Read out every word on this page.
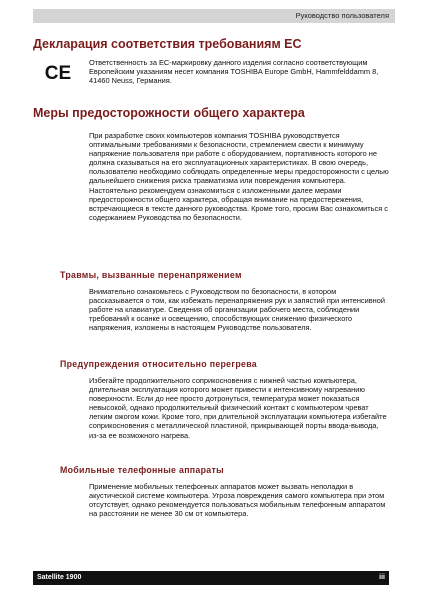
Руководство пользователя
Декларация соответствия требованиям ЕС
CE
Ответственность за ЕС-маркировку данного изделия согласно соответствующим Европейским указаниям несет компания TOSHIBA Europe GmbH, Hammfelddamm 8, 41460 Neuss, Германия.
Меры предосторожности общего характера
При разработке своих компьютеров компания TOSHIBA руководствуется оптимальными требованиями к безопасности, стремлением свести к минимуму напряжение пользователя при работе с оборудованием, портативность которого не должна сказываться на его эксплуатационных характеристиках. В свою очередь, пользователю необходимо соблюдать определенные меры предосторожности с целью дальнейшего снижения риска травматизма или повреждения компьютера. Настоятельно рекомендуем ознакомиться с изложенными далее мерами предосторожности общего характера, обращая внимание на предостережения, встречающиеся в тексте данного руководства. Кроме того, просим Вас ознакомиться с содержанием Руководства по безопасности.
Травмы, вызванные перенапряжением
Внимательно ознакомьтесь с Руководством по безопасности, в котором рассказывается о том, как избежать перенапряжения рук и запястий при интенсивной работе на клавиатуре. Сведения об организации рабочего места, соблюдении требований к осанке и освещению, способствующих снижению физического напряжения, изложены в настоящем Руководстве пользователя.
Предупреждения относительно перегрева
Избегайте продолжительного соприкосновения с нижней частью компьютера, длительная эксплуатация которого может привести к интенсивному нагреванию поверхности. Если до нее просто дотронуться, температура может показаться невысокой, однако продолжительный физический контакт с компьютером чреват легким ожогом кожи. Кроме того, при длительной эксплуатации компьютера избегайте соприкосновения с металлической пластиной, прикрывающей порты ввода-вывода, из-за ее возможного нагрева.
Мобильные телефонные аппараты
Применение мобильных телефонных аппаратов может вызвать неполадки в акустической системе компьютера. Угроза повреждения самого компьютера при этом отсутствует, однако рекомендуется пользоваться мобильным телефонным аппаратом на расстоянии не менее 30 см от компьютера.
Satellite 1900	iii
